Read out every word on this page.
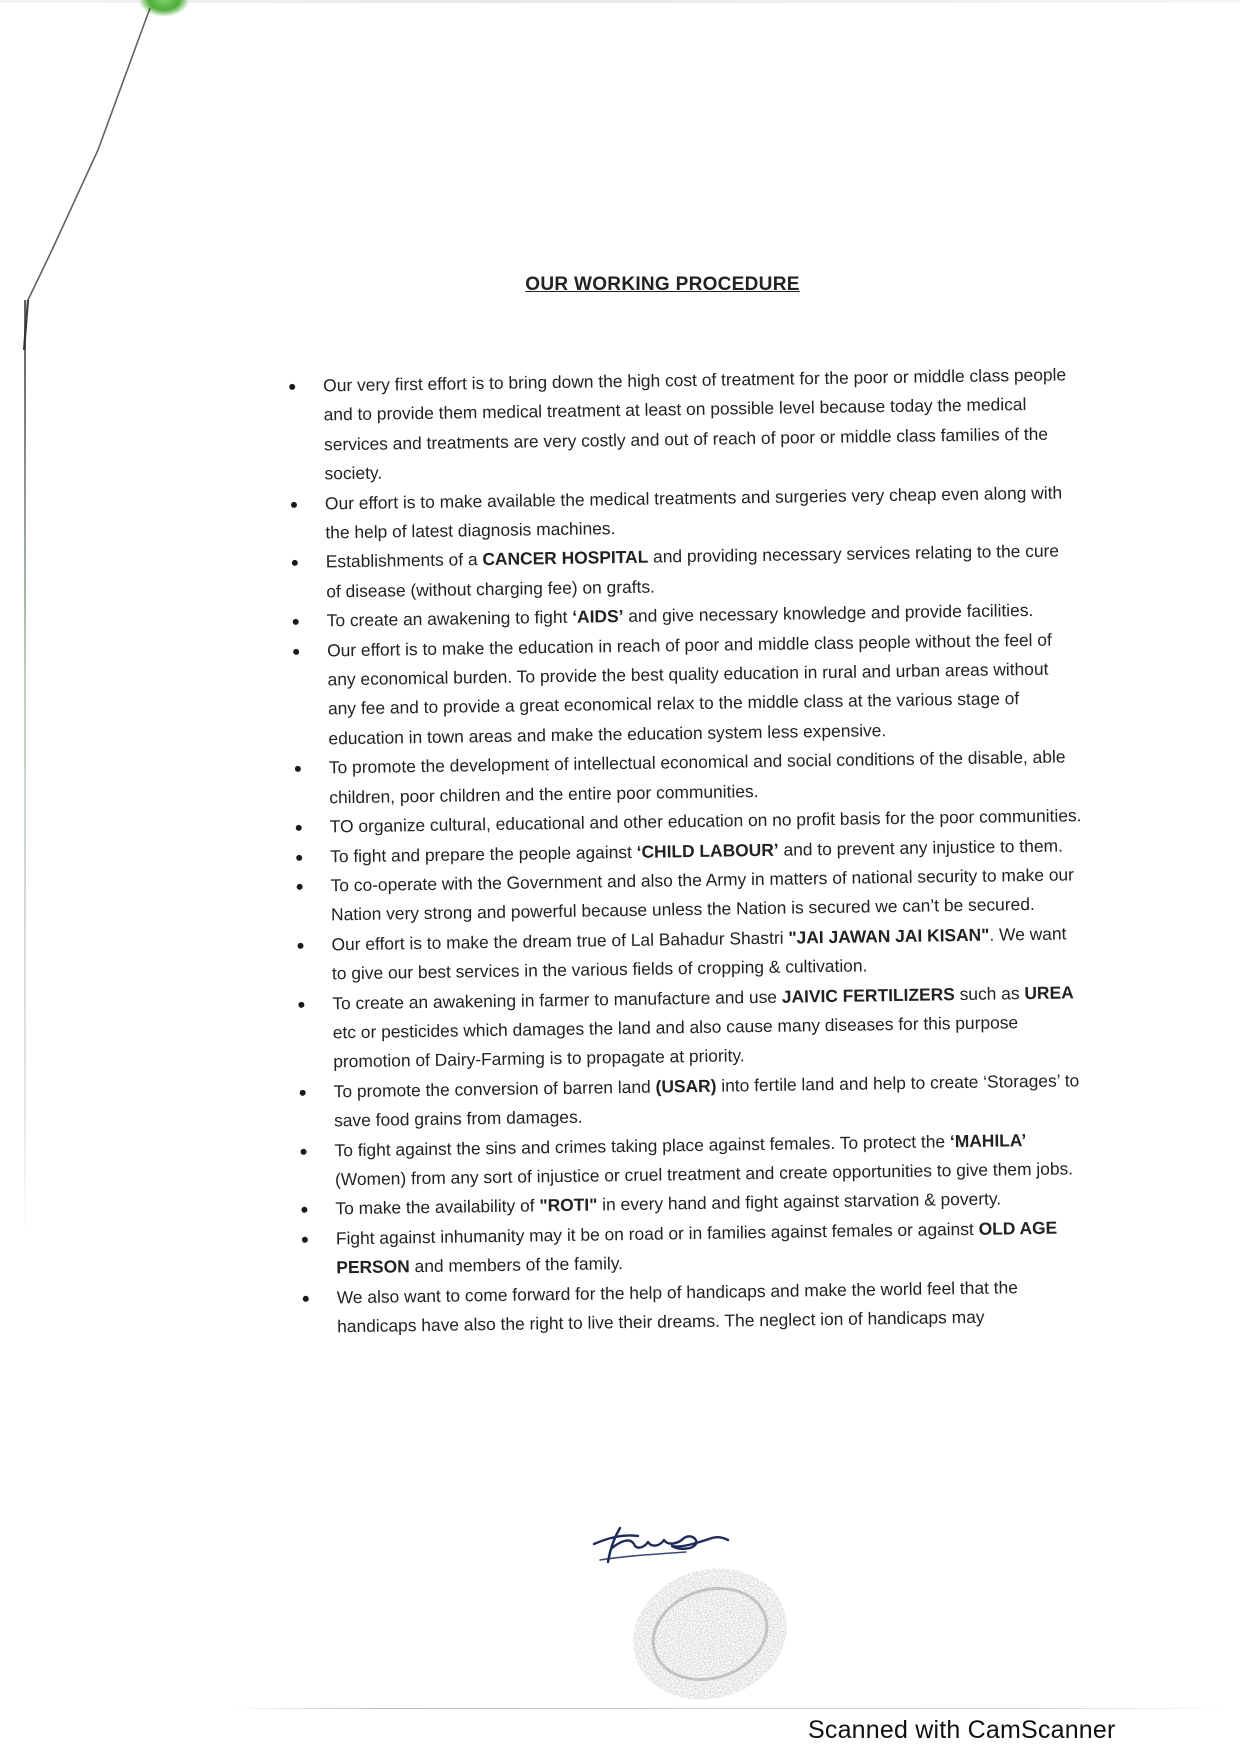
OUR WORKING PROCEDURE
Our very first effort is to bring down the high cost of treatment for the poor or middle class people and to provide them medical treatment at least on possible level because today the medical services and treatments are very costly and out of reach of poor or middle class families of the society.
Our effort is to make available the medical treatments and surgeries very cheap even along with the help of latest diagnosis machines.
Establishments of a CANCER HOSPITAL and providing necessary services relating to the cure of disease (without charging fee) on grafts.
To create an awakening to fight ‘AIDS’ and give necessary knowledge and provide facilities.
Our effort is to make the education in reach of poor and middle class people without the feel of any economical burden. To provide the best quality education in rural and urban areas without any fee and to provide a great economical relax to the middle class at the various stage of education in town areas and make the education system less expensive.
To promote the development of intellectual economical and social conditions of the disable, able children, poor children and the entire poor communities.
TO organize cultural, educational and other education on no profit basis for the poor communities.
To fight and prepare the people against ‘CHILD LABOUR’ and to prevent any injustice to them.
To co-operate with the Government and also the Army in matters of national security to make our Nation very strong and powerful because unless the Nation is secured we can’t be secured.
Our effort is to make the dream true of Lal Bahadur Shastri "JAI JAWAN JAI KISAN". We want to give our best services in the various fields of cropping & cultivation.
To create an awakening in farmer to manufacture and use JAIVIC FERTILIZERS such as UREA etc or pesticides which damages the land and also cause many diseases for this purpose promotion of Dairy-Farming is to propagate at priority.
To promote the conversion of barren land (USAR) into fertile land and help to create ‘Storages’ to save food grains from damages.
To fight against the sins and crimes taking place against females. To protect the ‘MAHILA’ (Women) from any sort of injustice or cruel treatment and create opportunities to give them jobs.
To make the availability of "ROTI" in every hand and fight against starvation & poverty.
Fight against inhumanity may it be on road or in families against females or against OLD AGE PERSON and members of the family.
We also want to come forward for the help of handicaps and make the world feel that the handicaps have also the right to live their dreams. The neglect ion of handicaps may
Scanned with CamScanner
